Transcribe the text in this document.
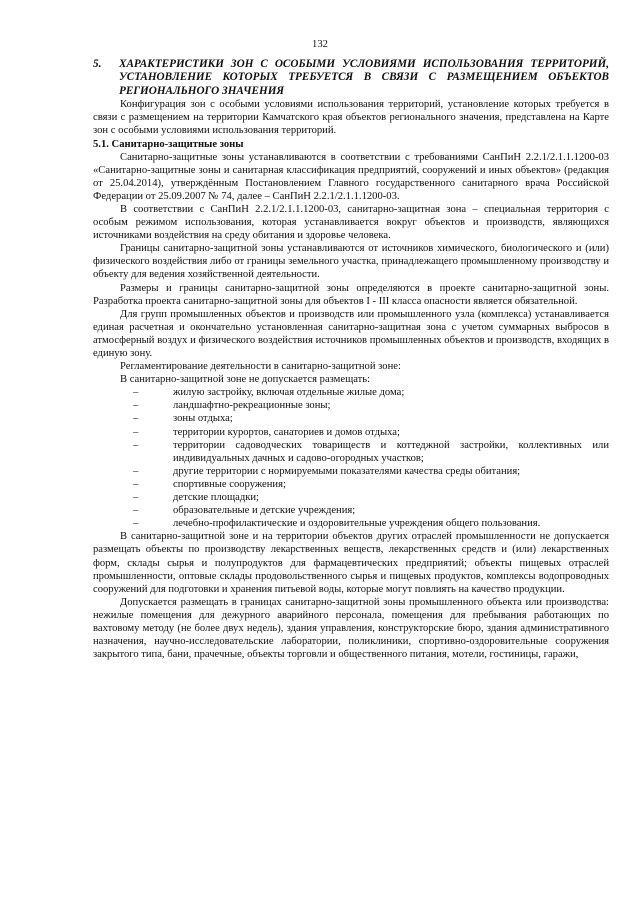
132
5.	ХАРАКТЕРИСТИКИ ЗОН С ОСОБЫМИ УСЛОВИЯМИ ИСПОЛЬЗОВАНИЯ ТЕРРИТОРИЙ, УСТАНОВЛЕНИЕ КОТОРЫХ ТРЕБУЕТСЯ В СВЯЗИ С РАЗМЕЩЕНИЕМ ОБЪЕКТОВ РЕГИОНАЛЬНОГО ЗНАЧЕНИЯ

Конфигурация зон с особыми условиями использования территорий, установление которых требуется в связи с размещением на территории Камчатского края объектов регионального значения, представлена на Карте зон с особыми условиями использования территорий.

5.1. Санитарно-защитные зоны

Санитарно-защитные зоны устанавливаются в соответствии с требованиями СанПиН 2.2.1/2.1.1.1200-03 «Санитарно-защитные зоны и санитарная классификация предприятий, сооружений и иных объектов» (редакция от 25.04.2014), утверждённым Постановлением Главного государственного санитарного врача Российской Федерации от 25.09.2007 № 74, далее – СанПиН 2.2.1/2.1.1.1200-03.

В соответствии с СанПиН 2.2.1/2.1.1.1200-03, санитарно-защитная зона – специальная территория с особым режимом использования, которая устанавливается вокруг объектов и производств, являющихся источниками воздействия на среду обитания и здоровье человека.

Границы санитарно-защитной зоны устанавливаются от источников химического, биологического и (или) физического воздействия либо от границы земельного участка, принадлежащего промышленному производству и объекту для ведения хозяйственной деятельности.

Размеры и границы санитарно-защитной зоны определяются в проекте санитарно-защитной зоны. Разработка проекта санитарно-защитной зоны для объектов I - III класса опасности является обязательной.

Для групп промышленных объектов и производств или промышленного узла (комплекса) устанавливается единая расчетная и окончательно установленная санитарно-защитная зона с учетом суммарных выбросов в атмосферный воздух и физического воздействия источников промышленных объектов и производств, входящих в единую зону.

Регламентирование деятельности в санитарно-защитной зоне:

В санитарно-защитной зоне не допускается размещать:

–	жилую застройку, включая отдельные жилые дома;
–	ландшафтно-рекреационные зоны;
–	зоны отдыха;
–	территории курортов, санаториев и домов отдыха;
–	территории садоводческих товариществ и коттеджной застройки, коллективных или индивидуальных дачных и садово-огородных участков;
–	другие территории с нормируемыми показателями качества среды обитания;
–	спортивные сооружения;
–	детские площадки;
–	образовательные и детские учреждения;
–	лечебно-профилактические и оздоровительные учреждения общего пользования.

В санитарно-защитной зоне и на территории объектов других отраслей промышленности не допускается размещать объекты по производству лекарственных веществ, лекарственных средств и (или) лекарственных форм, склады сырья и полупродуктов для фармацевтических предприятий; объекты пищевых отраслей промышленности, оптовые склады продовольственного сырья и пищевых продуктов, комплексы водопроводных сооружений для подготовки и хранения питьевой воды, которые могут повлиять на качество продукции.

Допускается размещать в границах санитарно-защитной зоны промышленного объекта или производства: нежилые помещения для дежурного аварийного персонала, помещения для пребывания работающих по вахтовому методу (не более двух недель), здания управления, конструкторские бюро, здания административного назначения, научно-исследовательские лаборатории, поликлиники, спортивно-оздоровительные сооружения закрытого типа, бани, прачечные, объекты торговли и общественного питания, мотели, гостиницы, гаражи,
